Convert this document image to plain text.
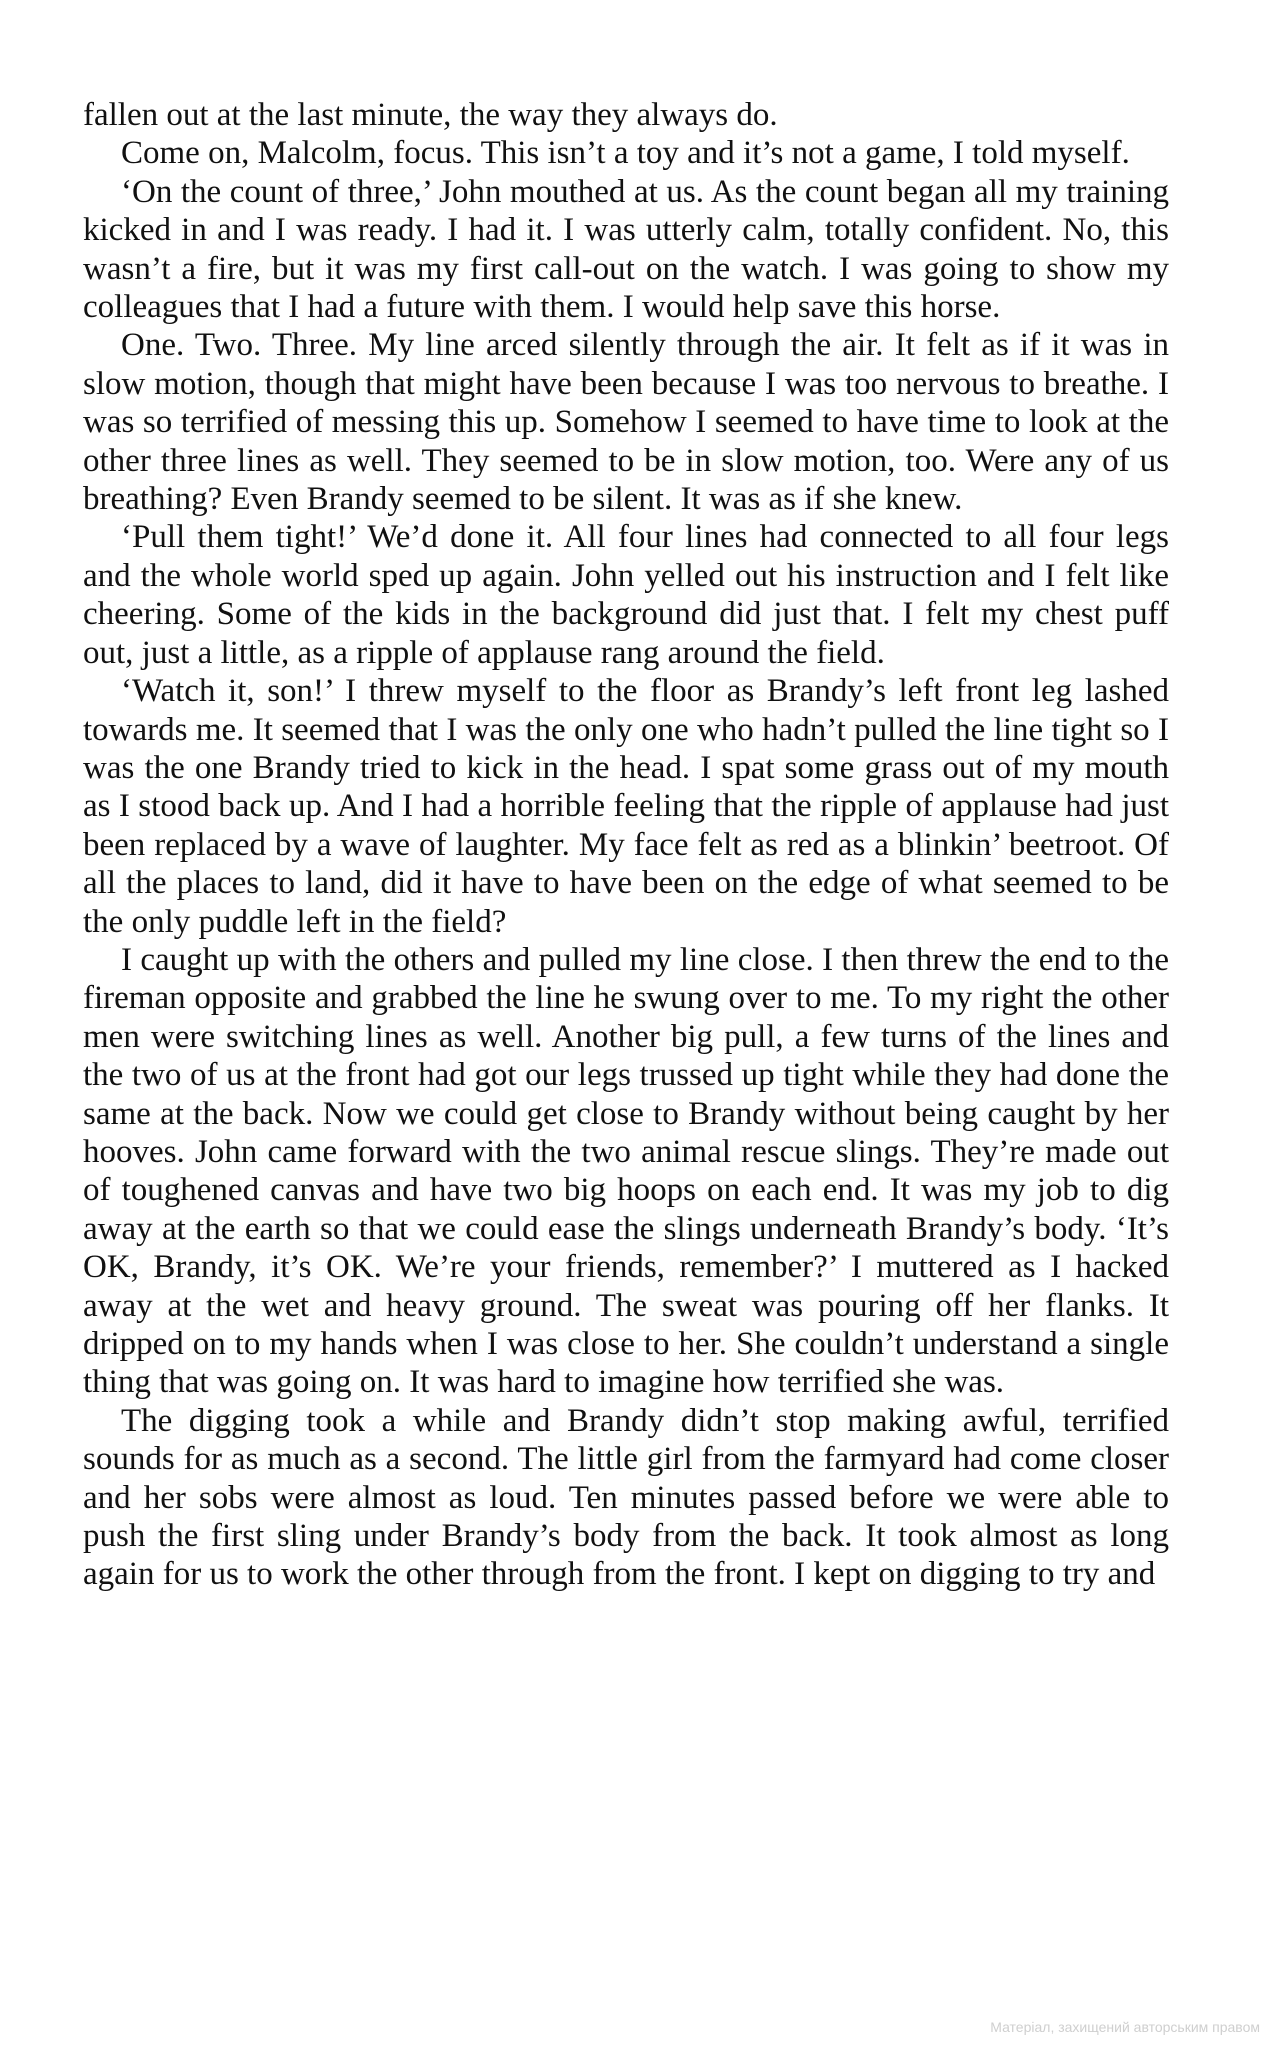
fallen out at the last minute, the way they always do.

Come on, Malcolm, focus. This isn’t a toy and it’s not a game, I told myself.

‘On the count of three,’ John mouthed at us. As the count began all my training kicked in and I was ready. I had it. I was utterly calm, totally confident. No, this wasn’t a fire, but it was my first call-out on the watch. I was going to show my colleagues that I had a future with them. I would help save this horse.

One. Two. Three. My line arced silently through the air. It felt as if it was in slow motion, though that might have been because I was too nervous to breathe. I was so terrified of messing this up. Somehow I seemed to have time to look at the other three lines as well. They seemed to be in slow motion, too. Were any of us breathing? Even Brandy seemed to be silent. It was as if she knew.

‘Pull them tight!’ We’d done it. All four lines had connected to all four legs and the whole world sped up again. John yelled out his instruction and I felt like cheering. Some of the kids in the background did just that. I felt my chest puff out, just a little, as a ripple of applause rang around the field.

‘Watch it, son!’ I threw myself to the floor as Brandy’s left front leg lashed towards me. It seemed that I was the only one who hadn’t pulled the line tight so I was the one Brandy tried to kick in the head. I spat some grass out of my mouth as I stood back up. And I had a horrible feeling that the ripple of applause had just been replaced by a wave of laughter. My face felt as red as a blinkin’ beetroot. Of all the places to land, did it have to have been on the edge of what seemed to be the only puddle left in the field?

I caught up with the others and pulled my line close. I then threw the end to the fireman opposite and grabbed the line he swung over to me. To my right the other men were switching lines as well. Another big pull, a few turns of the lines and the two of us at the front had got our legs trussed up tight while they had done the same at the back. Now we could get close to Brandy without being caught by her hooves. John came forward with the two animal rescue slings. They’re made out of toughened canvas and have two big hoops on each end. It was my job to dig away at the earth so that we could ease the slings underneath Brandy’s body. ‘It’s OK, Brandy, it’s OK. We’re your friends, remember?’ I muttered as I hacked away at the wet and heavy ground. The sweat was pouring off her flanks. It dripped on to my hands when I was close to her. She couldn’t understand a single thing that was going on. It was hard to imagine how terrified she was.

The digging took a while and Brandy didn’t stop making awful, terrified sounds for as much as a second. The little girl from the farmyard had come closer and her sobs were almost as loud. Ten minutes passed before we were able to push the first sling under Brandy’s body from the back. It took almost as long again for us to work the other through from the front. I kept on digging to try and

Матеріал, захищений авторським правом
